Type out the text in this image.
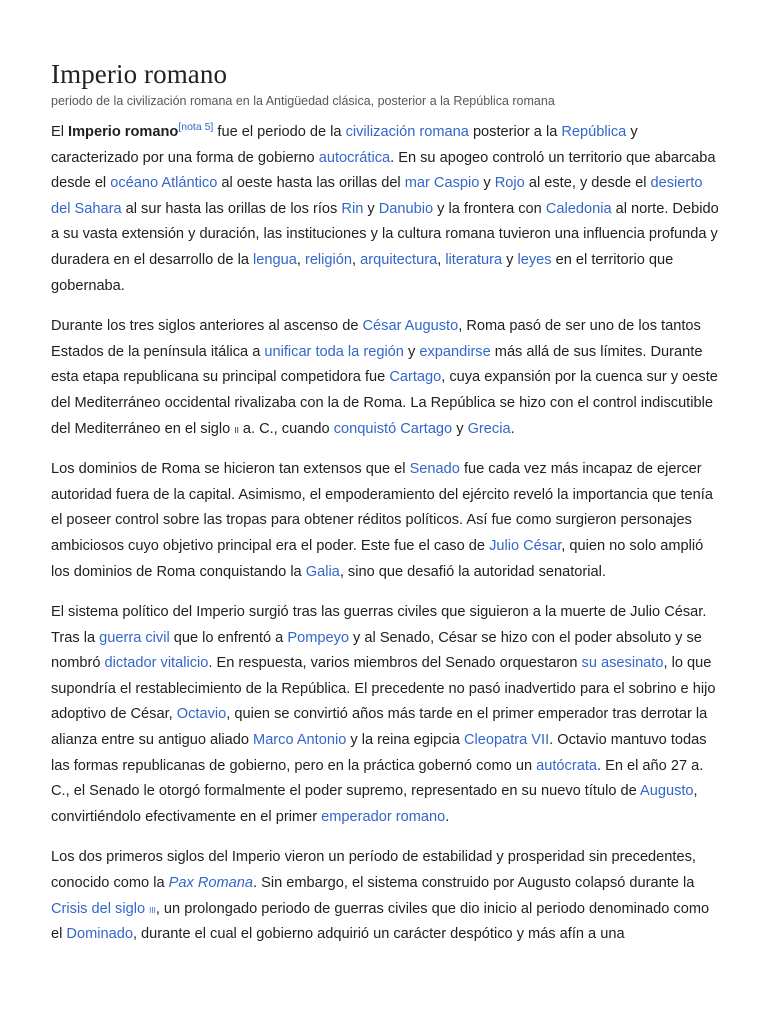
Imperio romano
periodo de la civilización romana en la Antigüedad clásica, posterior a la República romana

El Imperio romano[nota 5] fue el periodo de la civilización romana posterior a la República y caracterizado por una forma de gobierno autocrática. En su apogeo controló un territorio que abarcaba desde el océano Atlántico al oeste hasta las orillas del mar Caspio y Rojo al este, y desde el desierto del Sahara al sur hasta las orillas de los ríos Rin y Danubio y la frontera con Caledonia al norte. Debido a su vasta extensión y duración, las instituciones y la cultura romana tuvieron una influencia profunda y duradera en el desarrollo de la lengua, religión, arquitectura, literatura y leyes en el territorio que gobernaba.

Durante los tres siglos anteriores al ascenso de César Augusto, Roma pasó de ser uno de los tantos Estados de la península itálica a unificar toda la región y expandirse más allá de sus límites. Durante esta etapa republicana su principal competidora fue Cartago, cuya expansión por la cuenca sur y oeste del Mediterráneo occidental rivalizaba con la de Roma. La República se hizo con el control indiscutible del Mediterráneo en el siglo ii a. C., cuando conquistó Cartago y Grecia.

Los dominios de Roma se hicieron tan extensos que el Senado fue cada vez más incapaz de ejercer autoridad fuera de la capital. Asimismo, el empoderamiento del ejército reveló la importancia que tenía el poseer control sobre las tropas para obtener réditos políticos. Así fue como surgieron personajes ambiciosos cuyo objetivo principal era el poder. Este fue el caso de Julio César, quien no solo amplió los dominios de Roma conquistando la Galia, sino que desafió la autoridad senatorial.

El sistema político del Imperio surgió tras las guerras civiles que siguieron a la muerte de Julio César. Tras la guerra civil que lo enfrentó a Pompeyo y al Senado, César se hizo con el poder absoluto y se nombró dictador vitalicio. En respuesta, varios miembros del Senado orquestaron su asesinato, lo que supondría el restablecimiento de la República. El precedente no pasó inadvertido para el sobrino e hijo adoptivo de César, Octavio, quien se convirtió años más tarde en el primer emperador tras derrotar la alianza entre su antiguo aliado Marco Antonio y la reina egipcia Cleopatra VII. Octavio mantuvo todas las formas republicanas de gobierno, pero en la práctica gobernó como un autócrata. En el año 27 a. C., el Senado le otorgó formalmente el poder supremo, representado en su nuevo título de Augusto, convirtiéndolo efectivamente en el primer emperador romano.

Los dos primeros siglos del Imperio vieron un período de estabilidad y prosperidad sin precedentes, conocido como la Pax Romana. Sin embargo, el sistema construido por Augusto colapsó durante la Crisis del siglo iii, un prolongado periodo de guerras civiles que dio inicio al periodo denominado como el Dominado, durante el cual el gobierno adquirió un carácter despótico y más afín a una
